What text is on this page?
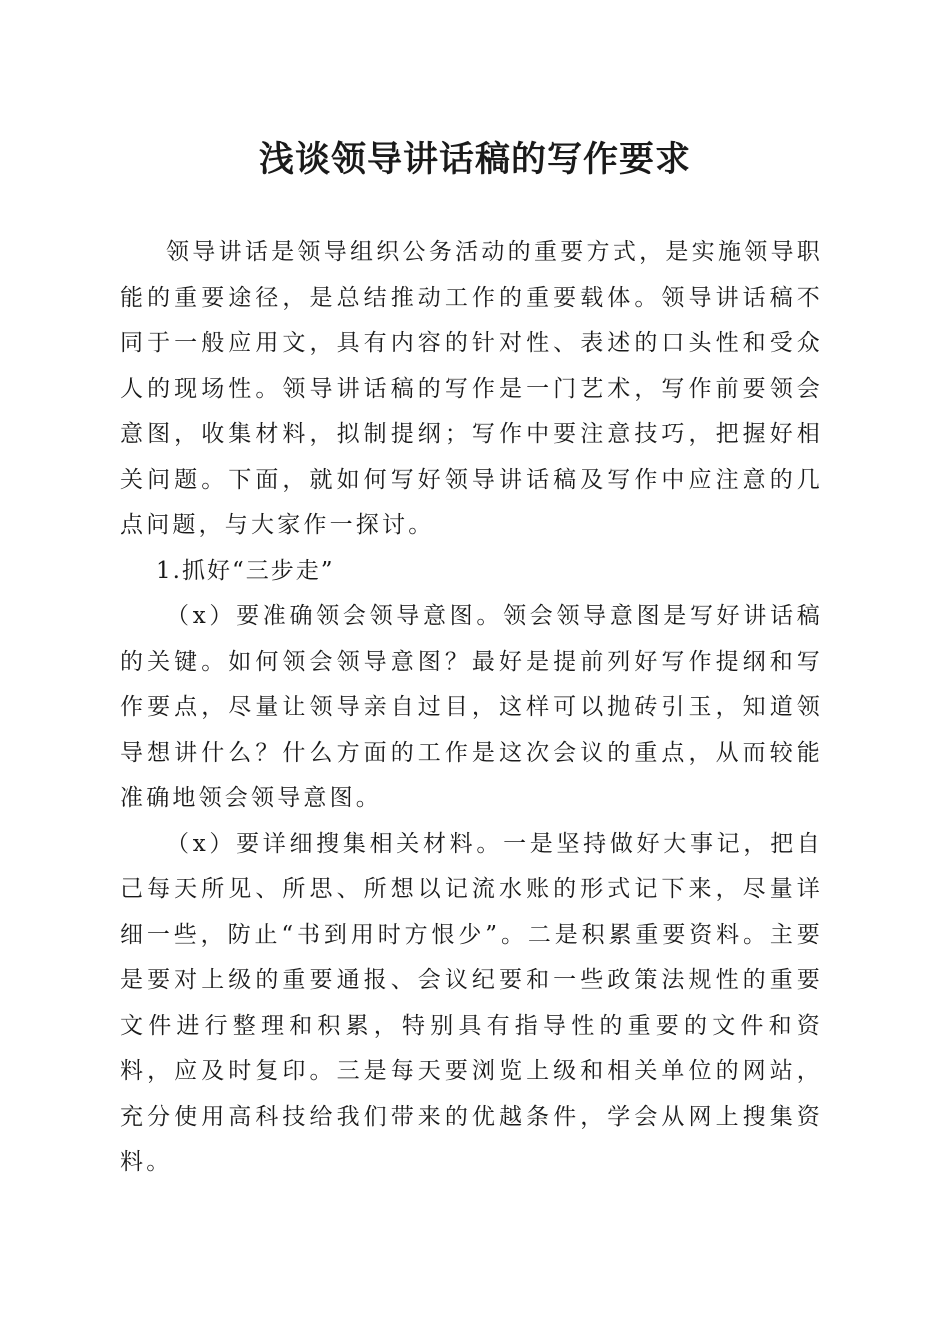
浅谈领导讲话稿的写作要求

领导讲话是领导组织公务活动的重要方式，是实施领导职能的重要途径，是总结推动工作的重要载体。领导讲话稿不同于一般应用文，具有内容的针对性、表述的口头性和受众人的现场性。领导讲话稿的写作是一门艺术，写作前要领会意图，收集材料，拟制提纲；写作中要注意技巧，把握好相关问题。下面，就如何写好领导讲话稿及写作中应注意的几点问题，与大家作一探讨。

1.抓好“三步走”

（x）要准确领会领导意图。领会领导意图是写好讲话稿的关键。如何领会领导意图？最好是提前列好写作提纲和写作要点，尽量让领导亲自过目，这样可以抛砖引玉，知道领导想讲什么？什么方面的工作是这次会议的重点，从而较能准确地领会领导意图。

（x）要详细搜集相关材料。一是坚持做好大事记，把自己每天所见、所思、所想以记流水账的形式记下来，尽量详细一些，防止“书到用时方恨少”。二是积累重要资料。主要是要对上级的重要通报、会议纪要和一些政策法规性的重要文件进行整理和积累，特别具有指导性的重要的文件和资料，应及时复印。三是每天要浏览上级和相关单位的网站，充分使用高科技给我们带来的优越条件，学会从网上搜集资料。
